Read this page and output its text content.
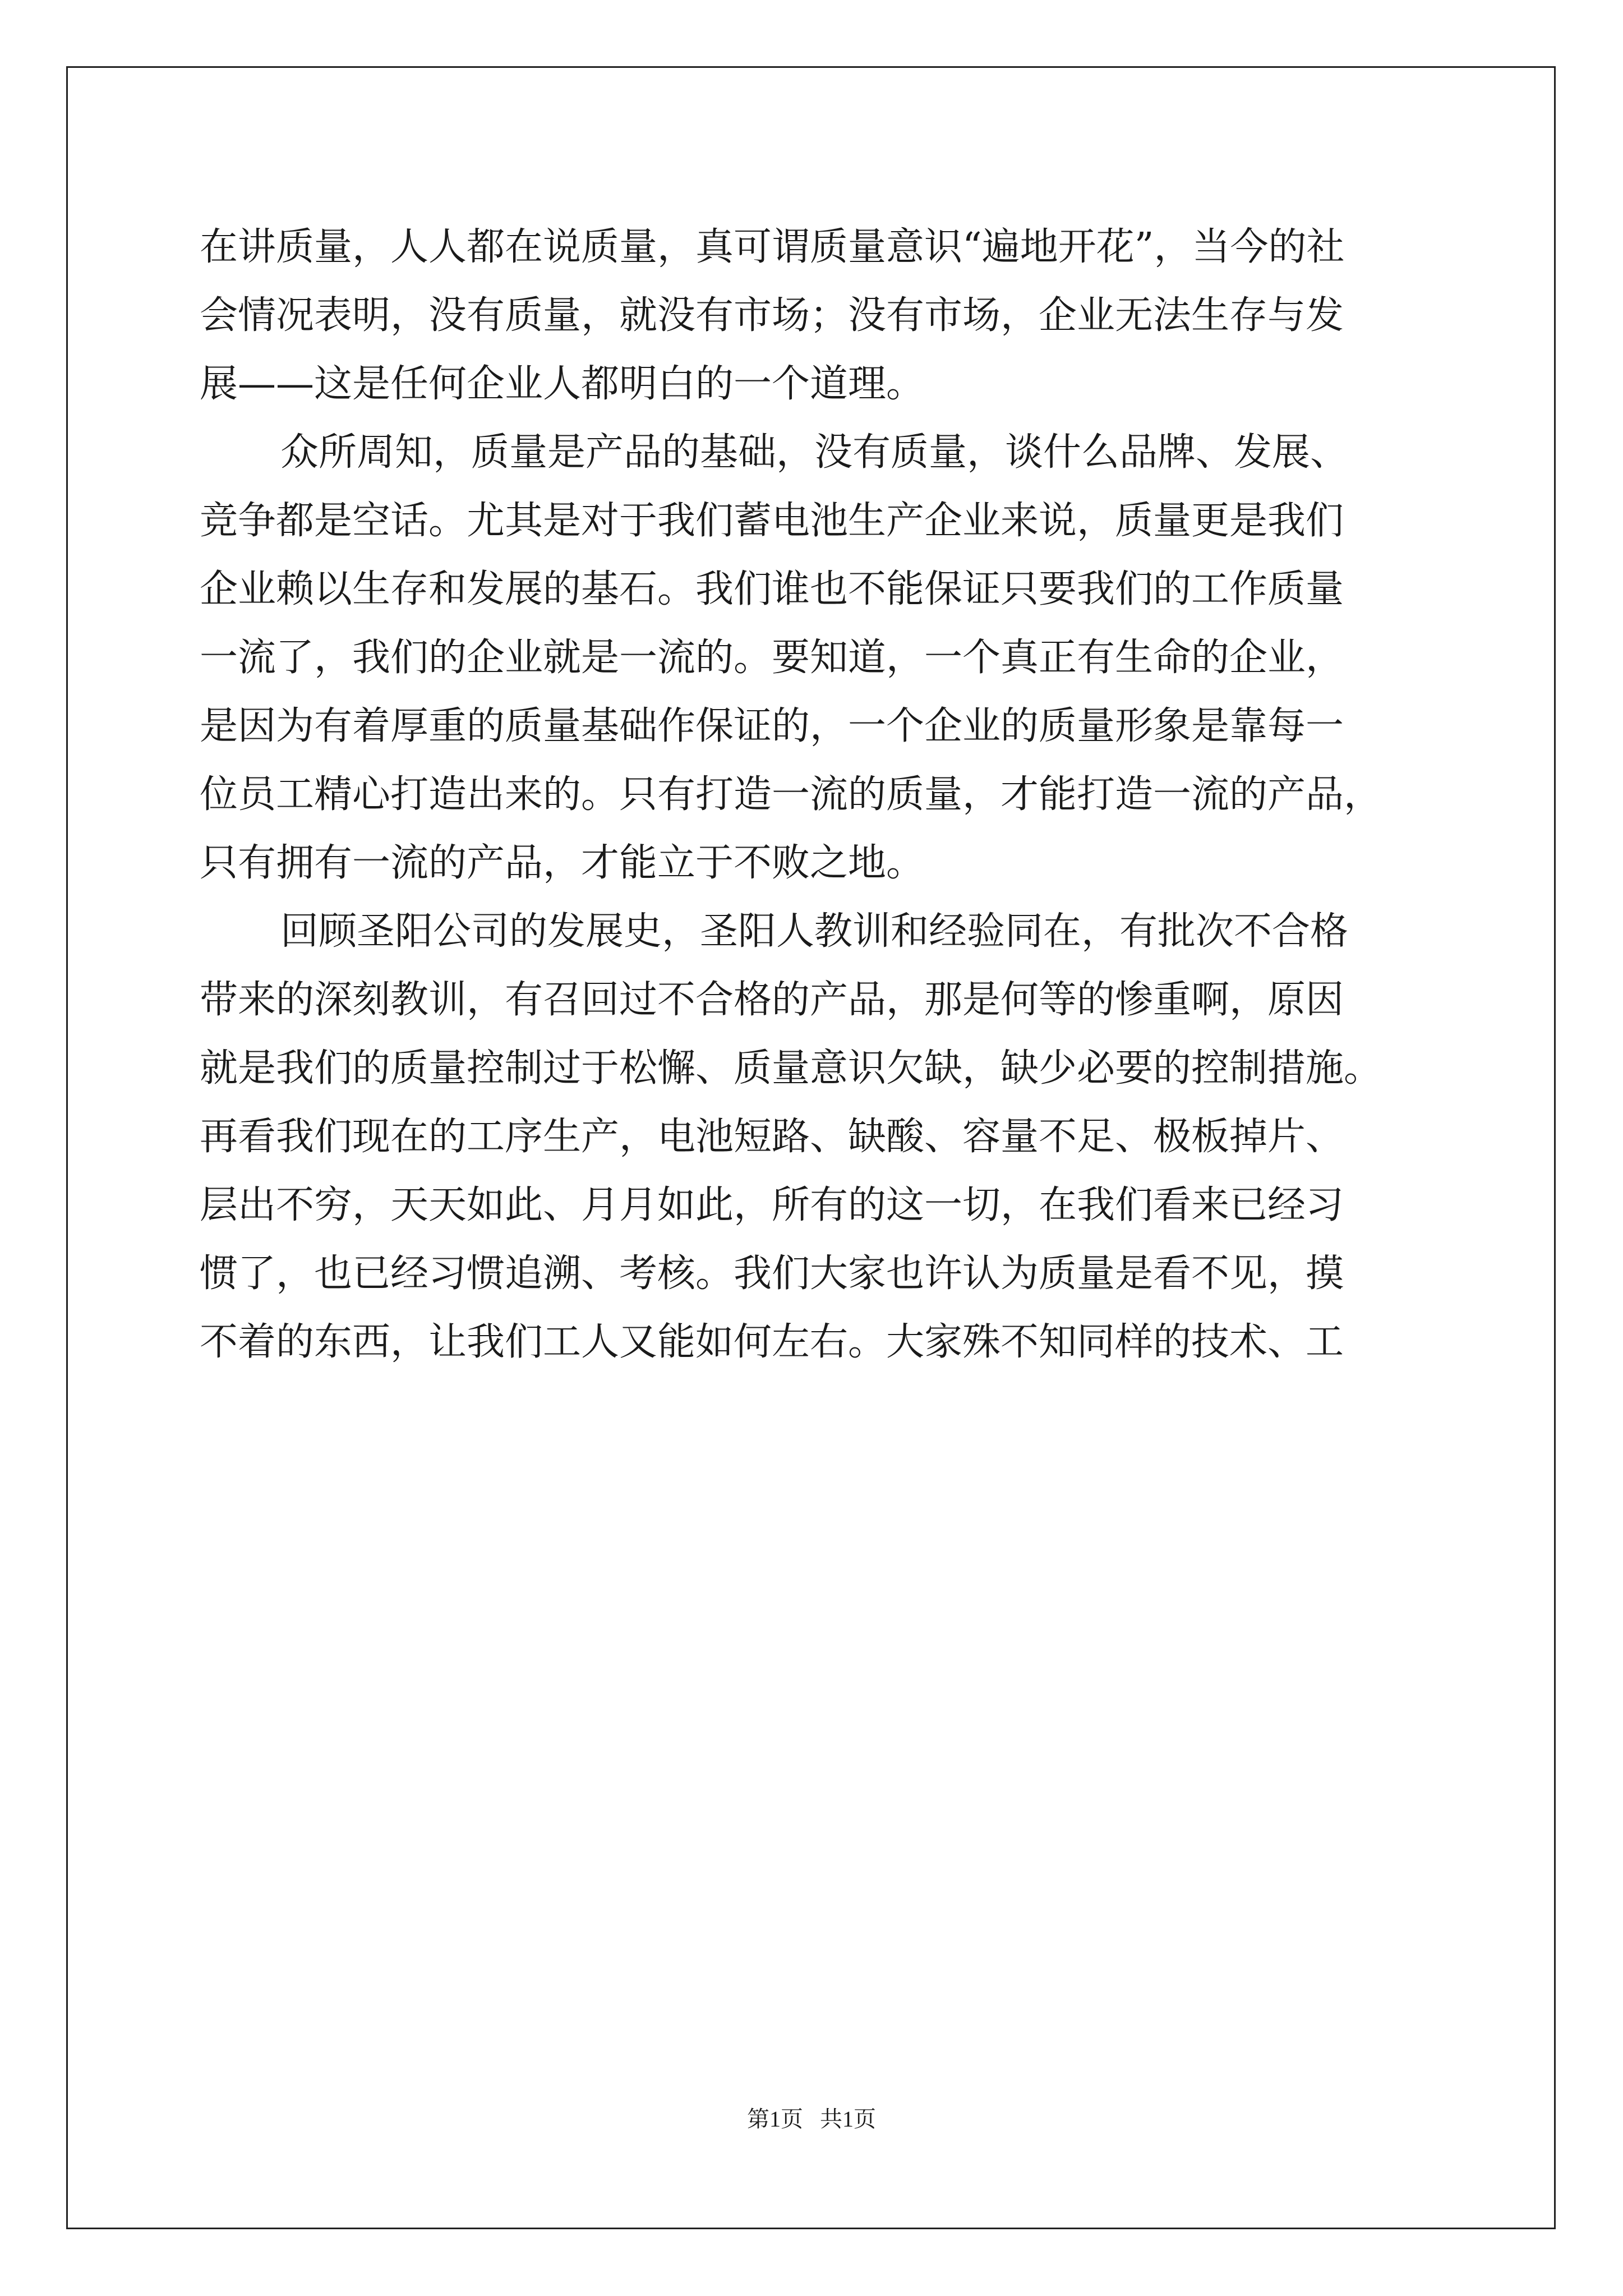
在讲质量，人人都在说质量，真可谓质量意识“遍地开花”，当今的社
会情况表明，没有质量，就没有市场；没有市场，企业无法生存与发
展——这是任何企业人都明白的一个道理。
众所周知，质量是产品的基础，没有质量，谈什么品牌、发展、
竞争都是空话。尤其是对于我们蓄电池生产企业来说，质量更是我们
企业赖以生存和发展的基石。我们谁也不能保证只要我们的工作质量
一流了，我们的企业就是一流的。要知道，一个真正有生命的企业，
是因为有着厚重的质量基础作保证的，一个企业的质量形象是靠每一
位员工精心打造出来的。只有打造一流的质量，才能打造一流的产品，
只有拥有一流的产品，才能立于不败之地。
回顾圣阳公司的发展史，圣阳人教训和经验同在，有批次不合格
带来的深刻教训，有召回过不合格的产品，那是何等的惨重啊，原因
就是我们的质量控制过于松懈、质量意识欠缺，缺少必要的控制措施。
再看我们现在的工序生产，电池短路、缺酸、容量不足、极板掉片、
层出不穷，天天如此、月月如此，所有的这一切，在我们看来已经习
惯了，也已经习惯追溯、考核。我们大家也许认为质量是看不见，摸
不着的东西，让我们工人又能如何左右。大家殊不知同样的技术、工
第1页   共1页
